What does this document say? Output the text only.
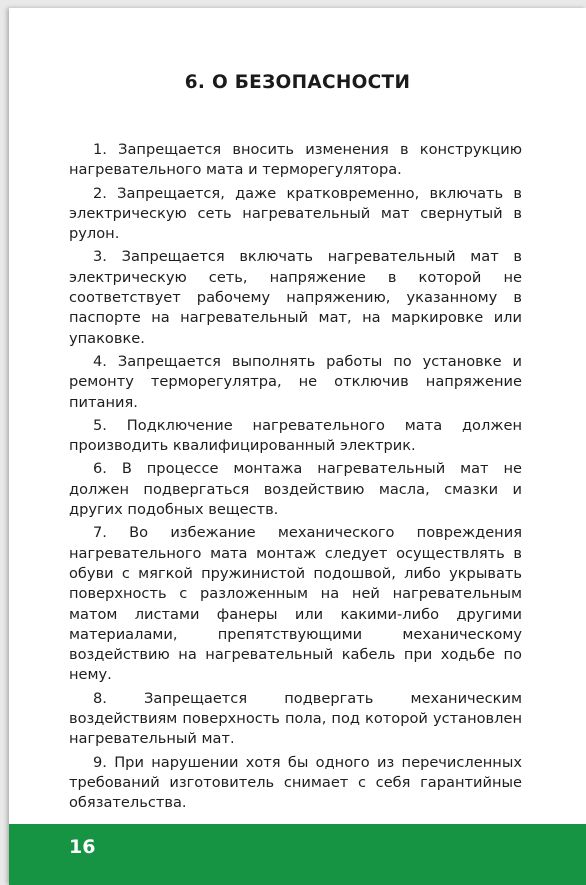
6. О БЕЗОПАСНОСТИ

1. Запрещается вносить изменения в конструкцию нагревательного мата и терморегулятора.

2. Запрещается, даже кратковременно, включать в электрическую сеть нагревательный мат свернутый в рулон.

3. Запрещается включать нагревательный мат в электрическую сеть, напряжение в которой не соответствует рабочему напряжению, указанному в паспорте на нагревательный мат, на маркировке или упаковке.

4. Запрещается выполнять работы по установке и ремонту терморегулятра, не отключив напряжение питания.

5. Подключение нагревательного мата должен производить квалифицированный электрик.

6. В процессе монтажа нагревательный мат не должен подвергаться воздействию масла, смазки и других подобных веществ.

7. Во избежание механического повреждения нагревательного мата монтаж следует осуществлять в обуви с мягкой пружинистой подошвой, либо укрывать поверхность с разложенным на ней нагревательным матом листами фанеры или какими-либо другими материалами, препятствующими механическому воздействию на нагревательный кабель при ходьбе по нему.

8. Запрещается подвергать механическим воздействиям поверхность пола, под которой установлен нагревательный мат.

9. При нарушении хотя бы одного из перечисленных требований изготовитель снимает с себя гарантийные обязательства.

16
